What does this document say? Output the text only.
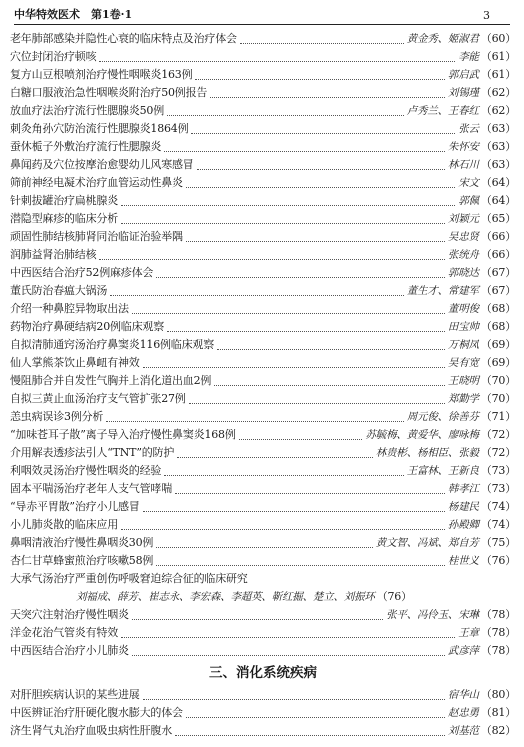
中华特效医术　第1卷·1	3
老年肺部感染并隐性心衰的临床特点及治疗体会	黄金秀、姬淑君 （60）
穴位封闭治疗顿咳	李能 （61）
复方山豆根喷剂治疗慢性咽喉炎163例	郭启武 （61）
白糖口服液治急性咽喉炎附治疗50例报告	刘锡瑾 （62）
放血疗法治疗流行性腮腺炎50例	卢秀兰、王春红 （62）
刺灸角孙穴防治流行性腮腺炎1864例	张云 （63）
蚕休栀子外敷治疗流行性腮腺炎	朱怀安 （63）
鼻闻药及穴位按摩治愈婴幼儿风寒感冒	林石川 （63）
筛前神经电凝术治疗血管运动性鼻炎	宋文 （64）
针刺拔罐治疗扁桃腺炎	郭佩 （64）
潜隐型麻疹的临床分析	刘颖元 （65）
顽固性肺结核肺肾同治临证治验举隅	吴忠贤 （66）
润肺益肾治肺结核	张统舟 （66）
中西医结合治疗52例麻疹体会	郭晓达 （67）
董氏防治春瘟大锅汤	董生才、常建军 （67）
介绍一种鼻腔异物取出法	董明俊 （68）
药物治疗鼻硬结病20例临床观察	田宝帅 （68）
自拟清肺通窍汤治疗鼻窦炎116例临床观察	万桐凤 （69）
仙人掌熊茶饮止鼻衄有神效	吴有宽 （69）
慢阻肺合并自发性气胸并上消化道出血2例	王晓明 （70）
自拟三黄止血汤治疗支气管扩张27例	郑勤学 （70）
恙虫病误诊3例分析	周元俊、徐善芬 （71）
“加味苍耳子散”离子导入治疗慢性鼻窦炎168例	苏毓梅、黄爱华、廖咏梅 （72）
介用解表透疹法引人“TNT”的防护	林贵彬、杨相臣、张毅 （72）
利咽效灵汤治疗慢性咽炎的经验	王富林、王新良 （73）
固本平喘汤治疗老年人支气管哮喘	韩孝江 （73）
“导赤平胃散”治疗小儿感冒	杨建民 （74）
小儿肺炎散的临床应用	孙殿卿 （74）
鼻咽清液治疗慢性鼻咽炎30例	黄文智、冯斌、郑自芳 （75）
杏仁甘草蜂蜜煎治疗咳嗽58例	桂世义 （76）
大承气汤治疗严重创伤呼吸窘迫综合征的临床研究
刘福成、薛芳、崔志永、李宏森、李超英、靳红掘、楚立、刘振环 （76）
天突穴注射治疗慢性咽炎	张平、冯伶玉、宋琳 （78）
洋金花治气管炎有特效	王章 （78）
中西医结合治疗小儿肺炎	武彦萍 （78）
三、消化系统疾病
对肝胆疾病认识的某些进展	宿华山 （80）
中医辨证治疗肝硬化腹水膨大的体会	赵忠勇 （81）
济生肾气丸治疗血吸虫病性肝腹水	刘基范 （82）
